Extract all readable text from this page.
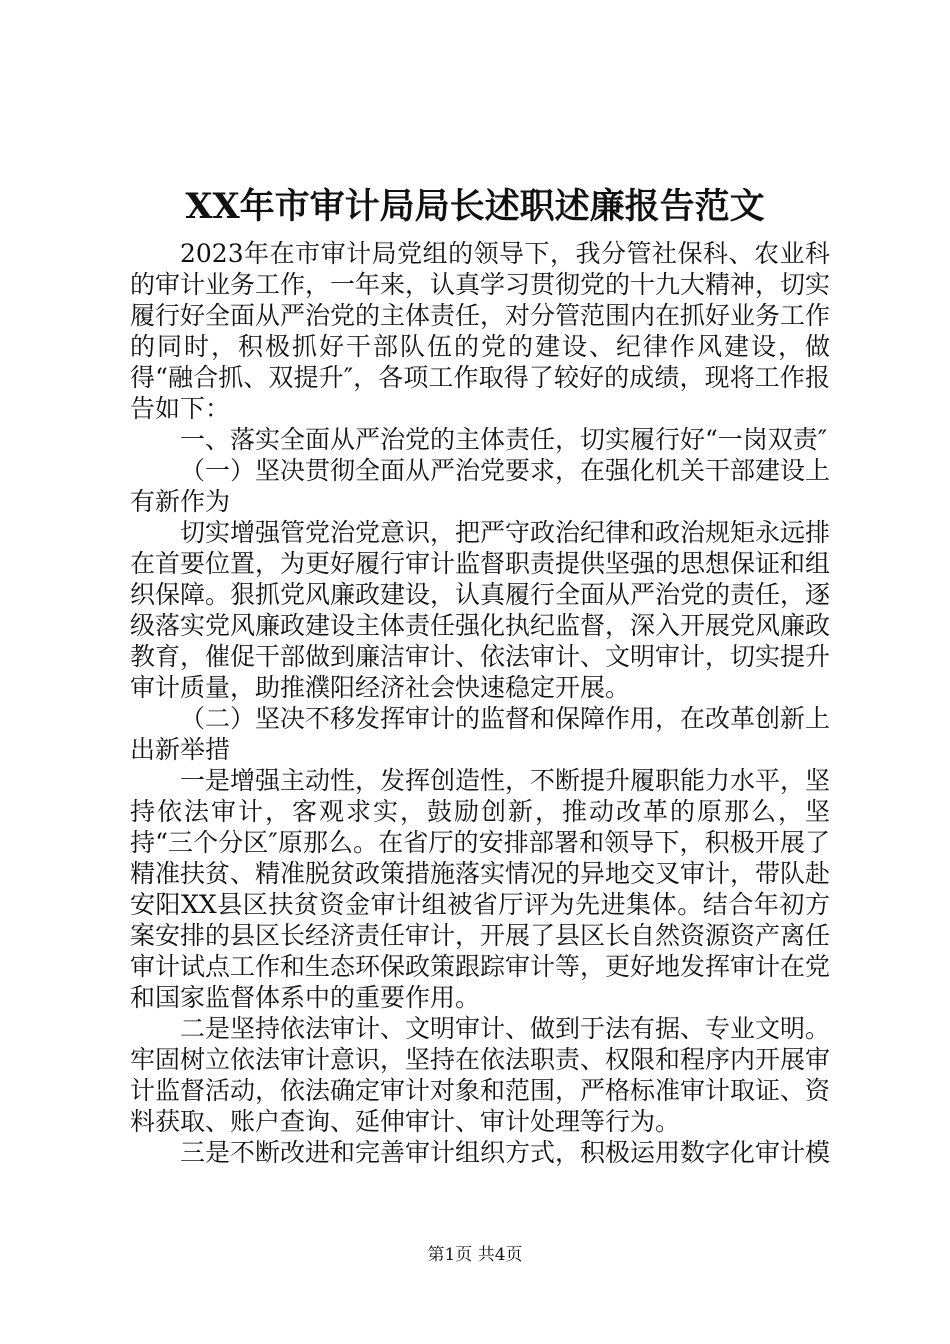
XX年市审计局局长述职述廉报告范文

2023年在市审计局党组的领导下，我分管社保科、农业科的审计业务工作，一年来，认真学习贯彻党的十九大精神，切实履行好全面从严治党的主体责任，对分管范围内在抓好业务工作的同时，积极抓好干部队伍的党的建设、纪律作风建设，做得“融合抓、双提升″，各项工作取得了较好的成绩，现将工作报告如下：

一、落实全面从严治党的主体责任，切实履行好“一岗双责″

（一）坚决贯彻全面从严治党要求，在强化机关干部建设上有新作为

切实增强管党治党意识，把严守政治纪律和政治规矩永远排在首要位置，为更好履行审计监督职责提供坚强的思想保证和组织保障。狠抓党风廉政建设，认真履行全面从严治党的责任，逐级落实党风廉政建设主体责任强化执纪监督，深入开展党风廉政教育，催促干部做到廉洁审计、依法审计、文明审计，切实提升审计质量，助推濮阳经济社会快速稳定开展。

（二）坚决不移发挥审计的监督和保障作用，在改革创新上出新举措

一是增强主动性，发挥创造性，不断提升履职能力水平，坚持依法审计，客观求实，鼓励创新，推动改革的原那么，坚持“三个分区″原那么。在省厅的安排部署和领导下，积极开展了精准扶贫、精准脱贫政策措施落实情况的异地交叉审计，带队赴安阳XX县区扶贫资金审计组被省厅评为先进集体。结合年初方案安排的县区长经济责任审计，开展了县区长自然资源资产离任审计试点工作和生态环保政策跟踪审计等，更好地发挥审计在党和国家监督体系中的重要作用。

二是坚持依法审计、文明审计、做到于法有据、专业文明。牢固树立依法审计意识，坚持在依法职责、权限和程序内开展审计监督活动，依法确定审计对象和范围，严格标准审计取证、资料获取、账户查询、延伸审计、审计处理等行为。

三是不断改进和完善审计组织方式，积极运用数字化审计模

第1页 共4页
